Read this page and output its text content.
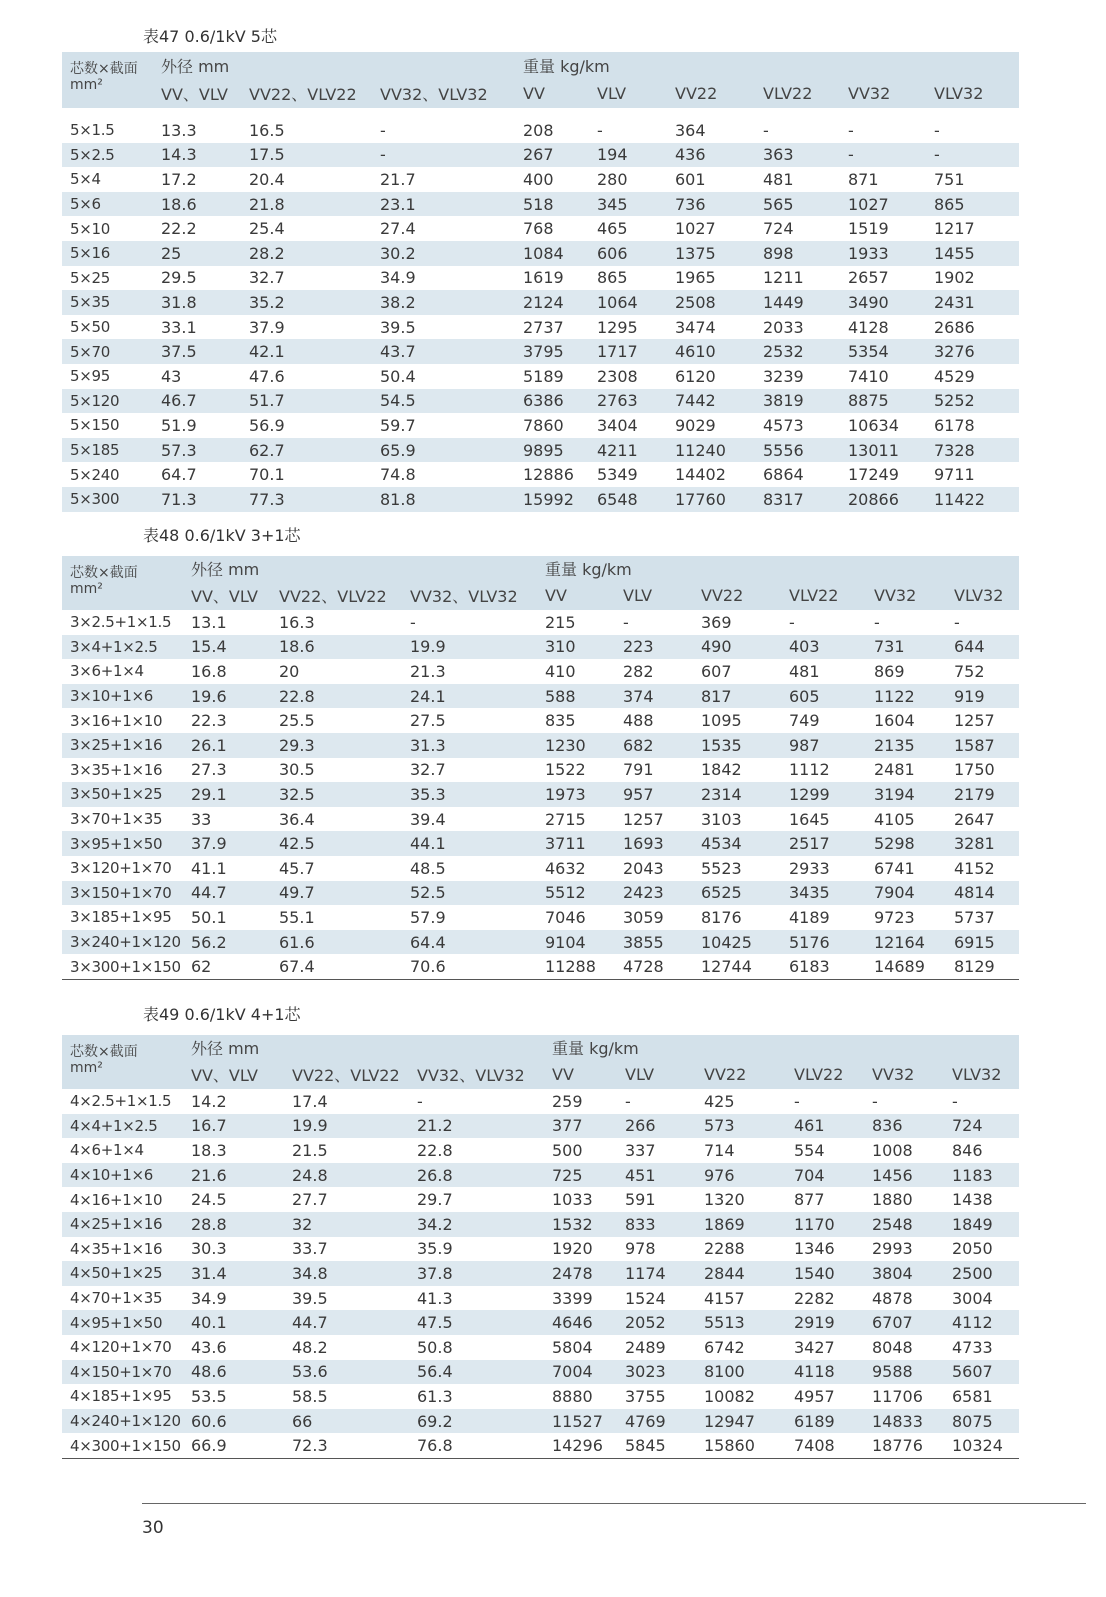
表47 0.6/1kV 5芯
芯数×截面
mm²	外径 mm			重量 kg/km					
	VV、VLV	VV22、VLV22	VV32、VLV32	VV	VLV	VV22	VLV22	VV32	VLV32

5×1.5	13.3	16.5	-	208	-	364	-	-	-
5×2.5	14.3	17.5	-	267	194	436	363	-	-
5×4	17.2	20.4	21.7	400	280	601	481	871	751
5×6	18.6	21.8	23.1	518	345	736	565	1027	865
5×10	22.2	25.4	27.4	768	465	1027	724	1519	1217
5×16	25	28.2	30.2	1084	606	1375	898	1933	1455
5×25	29.5	32.7	34.9	1619	865	1965	1211	2657	1902
5×35	31.8	35.2	38.2	2124	1064	2508	1449	3490	2431
5×50	33.1	37.9	39.5	2737	1295	3474	2033	4128	2686
5×70	37.5	42.1	43.7	3795	1717	4610	2532	5354	3276
5×95	43	47.6	50.4	5189	2308	6120	3239	7410	4529
5×120	46.7	51.7	54.5	6386	2763	7442	3819	8875	5252
5×150	51.9	56.9	59.7	7860	3404	9029	4573	10634	6178
5×185	57.3	62.7	65.9	9895	4211	11240	5556	13011	7328
5×240	64.7	70.1	74.8	12886	5349	14402	6864	17249	9711
5×300	71.3	77.3	81.8	15992	6548	17760	8317	20866	11422
表48 0.6/1kV 3+1芯
芯数×截面
mm²	外径 mm			重量 kg/km					
	VV、VLV	VV22、VLV22	VV32、VLV32	VV	VLV	VV22	VLV22	VV32	VLV32
3×2.5+1×1.5	13.1	16.3	-	215	-	369	-	-	-
3×4+1×2.5	15.4	18.6	19.9	310	223	490	403	731	644
3×6+1×4	16.8	20	21.3	410	282	607	481	869	752
3×10+1×6	19.6	22.8	24.1	588	374	817	605	1122	919
3×16+1×10	22.3	25.5	27.5	835	488	1095	749	1604	1257
3×25+1×16	26.1	29.3	31.3	1230	682	1535	987	2135	1587
3×35+1×16	27.3	30.5	32.7	1522	791	1842	1112	2481	1750
3×50+1×25	29.1	32.5	35.3	1973	957	2314	1299	3194	2179
3×70+1×35	33	36.4	39.4	2715	1257	3103	1645	4105	2647
3×95+1×50	37.9	42.5	44.1	3711	1693	4534	2517	5298	3281
3×120+1×70	41.1	45.7	48.5	4632	2043	5523	2933	6741	4152
3×150+1×70	44.7	49.7	52.5	5512	2423	6525	3435	7904	4814
3×185+1×95	50.1	55.1	57.9	7046	3059	8176	4189	9723	5737
3×240+1×120	56.2	61.6	64.4	9104	3855	10425	5176	12164	6915
3×300+1×150	62	67.4	70.6	11288	4728	12744	6183	14689	8129
表49 0.6/1kV 4+1芯
芯数×截面
mm²	外径 mm			重量 kg/km					
	VV、VLV	VV22、VLV22	VV32、VLV32	VV	VLV	VV22	VLV22	VV32	VLV32
4×2.5+1×1.5	14.2	17.4	-	259	-	425	-	-	-
4×4+1×2.5	16.7	19.9	21.2	377	266	573	461	836	724
4×6+1×4	18.3	21.5	22.8	500	337	714	554	1008	846
4×10+1×6	21.6	24.8	26.8	725	451	976	704	1456	1183
4×16+1×10	24.5	27.7	29.7	1033	591	1320	877	1880	1438
4×25+1×16	28.8	32	34.2	1532	833	1869	1170	2548	1849
4×35+1×16	30.3	33.7	35.9	1920	978	2288	1346	2993	2050
4×50+1×25	31.4	34.8	37.8	2478	1174	2844	1540	3804	2500
4×70+1×35	34.9	39.5	41.3	3399	1524	4157	2282	4878	3004
4×95+1×50	40.1	44.7	47.5	4646	2052	5513	2919	6707	4112
4×120+1×70	43.6	48.2	50.8	5804	2489	6742	3427	8048	4733
4×150+1×70	48.6	53.6	56.4	7004	3023	8100	4118	9588	5607
4×185+1×95	53.5	58.5	61.3	8880	3755	10082	4957	11706	6581
4×240+1×120	60.6	66	69.2	11527	4769	12947	6189	14833	8075
4×300+1×150	66.9	72.3	76.8	14296	5845	15860	7408	18776	10324
30
